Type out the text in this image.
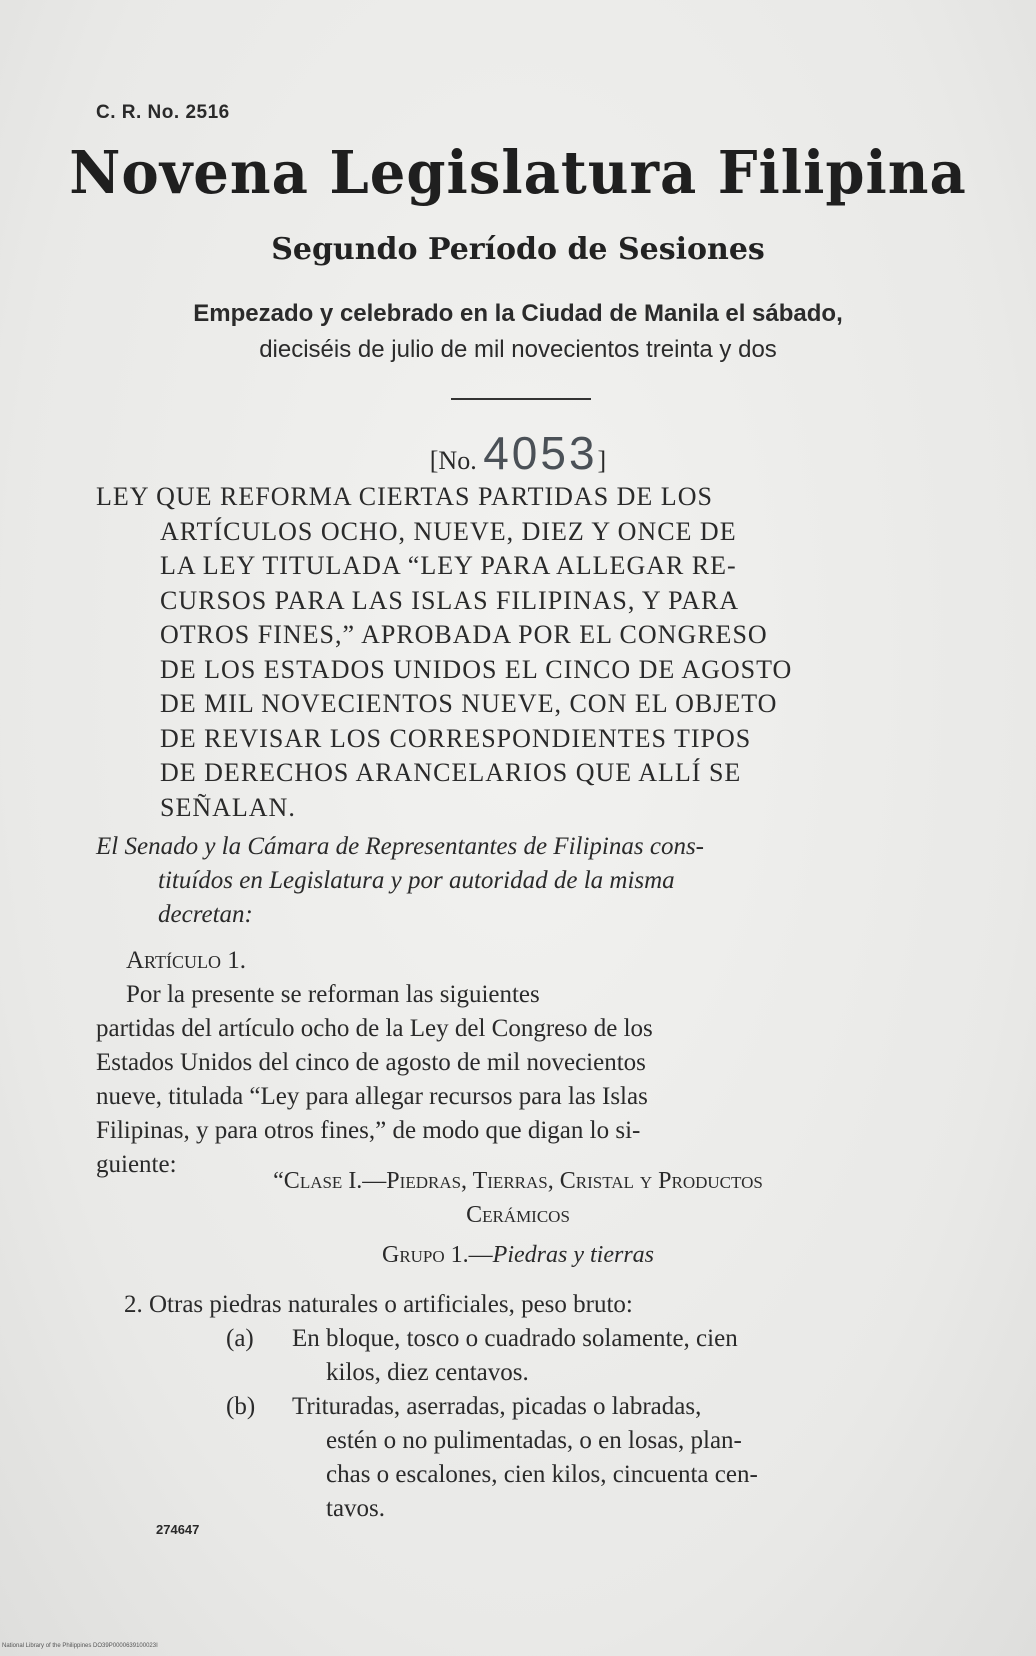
C. R. No. 2516
Novena Legislatura Filipina
Segundo Período de Sesiones
Empezado y celebrado en la Ciudad de Manila el sábado,
dieciséis de julio de mil novecientos treinta y dos
[No. 4053]
LEY QUE REFORMA CIERTAS PARTIDAS DE LOS
ARTÍCULOS OCHO, NUEVE, DIEZ Y ONCE DE
LA LEY TITULADA “LEY PARA ALLEGAR RE-
CURSOS PARA LAS ISLAS FILIPINAS, Y PARA
OTROS FINES,” APROBADA POR EL CONGRESO
DE LOS ESTADOS UNIDOS EL CINCO DE AGOSTO
DE MIL NOVECIENTOS NUEVE, CON EL OBJETO
DE REVISAR LOS CORRESPONDIENTES TIPOS
DE DERECHOS ARANCELARIOS QUE ALLÍ SE
SEÑALAN.
El Senado y la Cámara de Representantes de Filipinas cons-
tituídos en Legislatura y por autoridad de la misma
decretan:
Artículo 1.
Por la presente se reforman las siguientes
partidas del artículo ocho de la Ley del Congreso de los
Estados Unidos del cinco de agosto de mil novecientos
nueve, titulada “Ley para allegar recursos para las Islas
Filipinas, y para otros fines,” de modo que digan lo si-
guiente:
“Clase I.—Piedras, Tierras, Cristal y Productos
Cerámicos
Grupo 1.—Piedras y tierras
2. Otras piedras naturales o artificiales, peso bruto:
(a) En bloque, tosco o cuadrado solamente, cien
kilos, diez centavos.
(b) Trituradas, aserradas, picadas o labradas,
estén o no pulimentadas, o en losas, plan-
chas o escalones, cien kilos, cincuenta cen-
tavos.
274647
National Library of the Philippines DO39P0000639100023I
